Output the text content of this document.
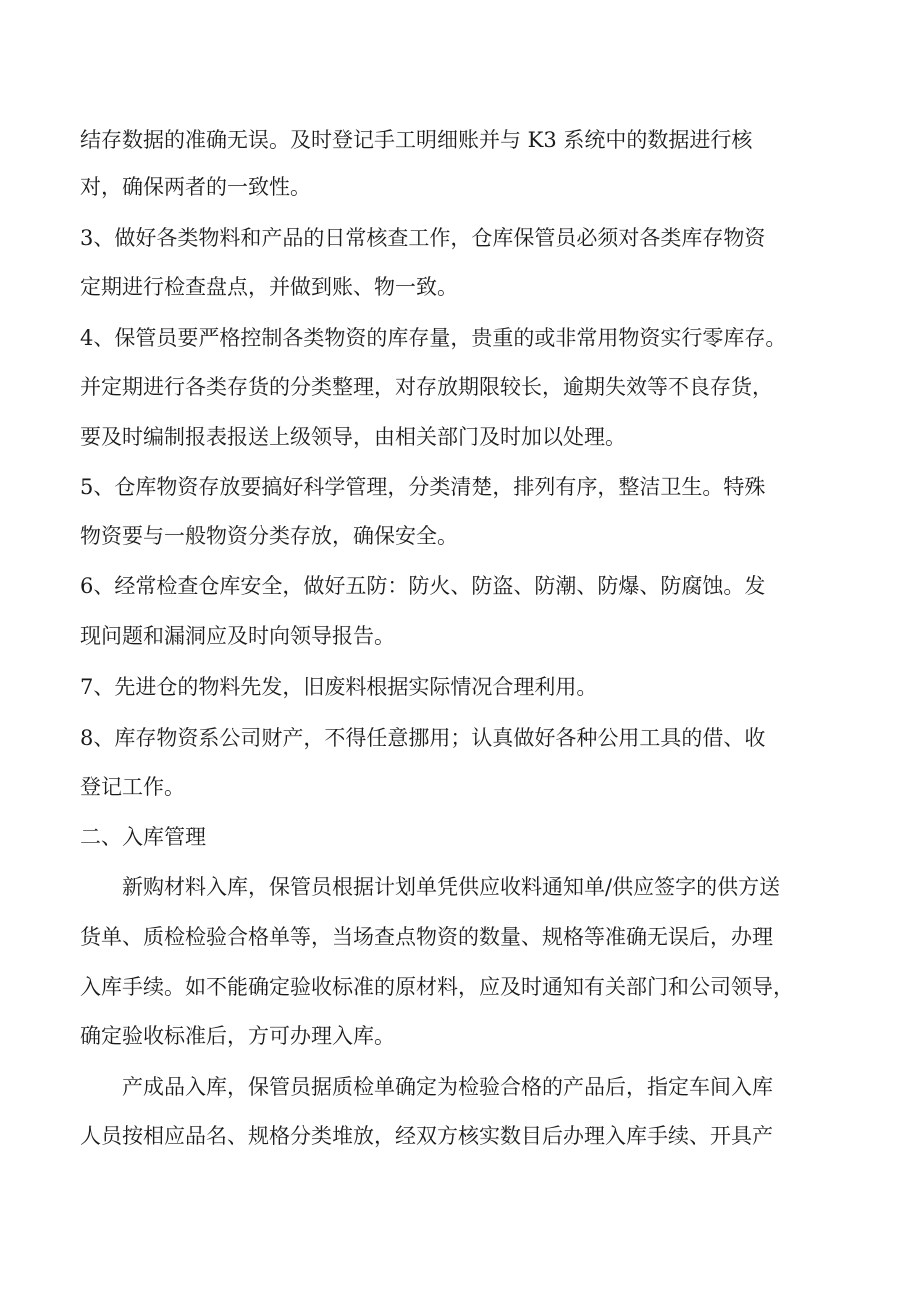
结存数据的准确无误。及时登记手工明细账并与 K3 系统中的数据进行核

对，确保两者的一致性。

3、做好各类物料和产品的日常核查工作，仓库保管员必须对各类库存物资

定期进行检查盘点，并做到账、物一致。

4、保管员要严格控制各类物资的库存量，贵重的或非常用物资实行零库存。

并定期进行各类存货的分类整理，对存放期限较长，逾期失效等不良存货，

要及时编制报表报送上级领导，由相关部门及时加以处理。

5、仓库物资存放要搞好科学管理，分类清楚，排列有序，整洁卫生。特殊

物资要与一般物资分类存放，确保安全。

6、经常检查仓库安全，做好五防：防火、防盗、防潮、防爆、防腐蚀。发

现问题和漏洞应及时向领导报告。

7、先进仓的物料先发，旧废料根据实际情况合理利用。

8、库存物资系公司财产，不得任意挪用；认真做好各种公用工具的借、收

登记工作。

二、入库管理

新购材料入库，保管员根据计划单凭供应收料通知单/供应签字的供方送

货单、质检检验合格单等，当场查点物资的数量、规格等准确无误后，办理

入库手续。如不能确定验收标准的原材料，应及时通知有关部门和公司领导，

确定验收标准后，方可办理入库。

产成品入库，保管员据质检单确定为检验合格的产品后，指定车间入库

人员按相应品名、规格分类堆放，经双方核实数目后办理入库手续、开具产
